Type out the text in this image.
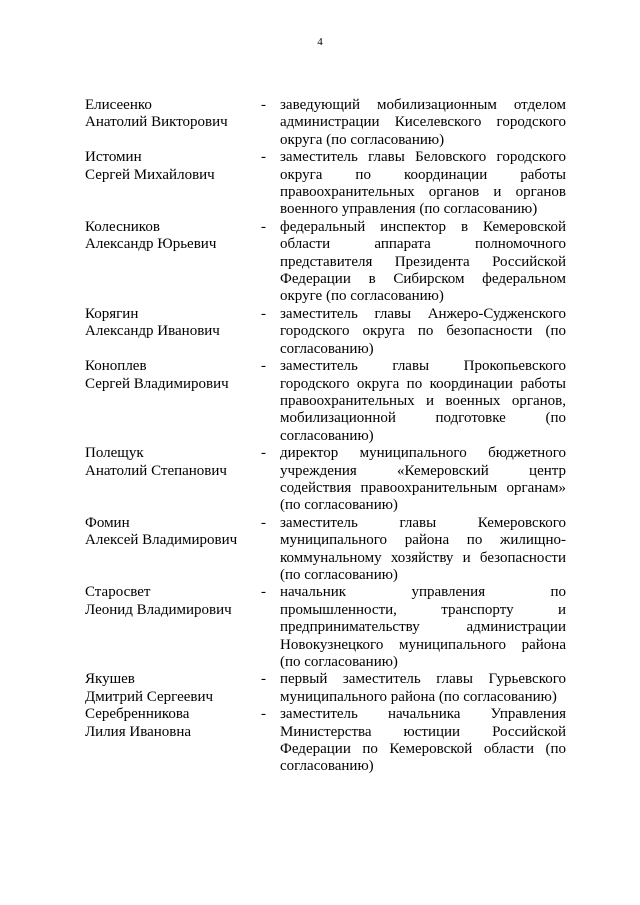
4
Елисеенко
Анатолий Викторович
- заведующий мобилизационным отделом
администрации Киселевского городского
округа (по согласованию)
Истомин
Сергей Михайлович
- заместитель главы Беловского городского
округа по координации работы
правоохранительных органов и органов
военного управления (по согласованию)
Колесников
Александр Юрьевич
- федеральный инспектор в Кемеровской
области аппарата полномочного
представителя Президента Российской
Федерации в Сибирском федеральном
округе (по согласованию)
Корягин
Александр Иванович
- заместитель главы Анжеро-Судженского
городского округа по безопасности (по
согласованию)
Коноплев
Сергей Владимирович
- заместитель главы Прокопьевского
городского округа по координации работы
правоохранительных и военных органов,
мобилизационной подготовке (по
согласованию)
Полещук
Анатолий Степанович
- директор муниципального бюджетного
учреждения «Кемеровский центр
содействия правоохранительным органам»
(по согласованию)
Фомин
Алексей Владимирович
- заместитель главы Кемеровского
муниципального района по жилищно-
коммунальному хозяйству и безопасности
(по согласованию)
Старосвет
Леонид Владимирович
- начальник управления по
промышленности, транспорту и
предпринимательству администрации
Новокузнецкого муниципального района
(по согласованию)
Якушев
Дмитрий Сергеевич
- первый заместитель главы Гурьевского
муниципального района (по согласованию)
Серебренникова
Лилия Ивановна
- заместитель начальника Управления
Министерства юстиции Российской
Федерации по Кемеровской области (по
согласованию)
